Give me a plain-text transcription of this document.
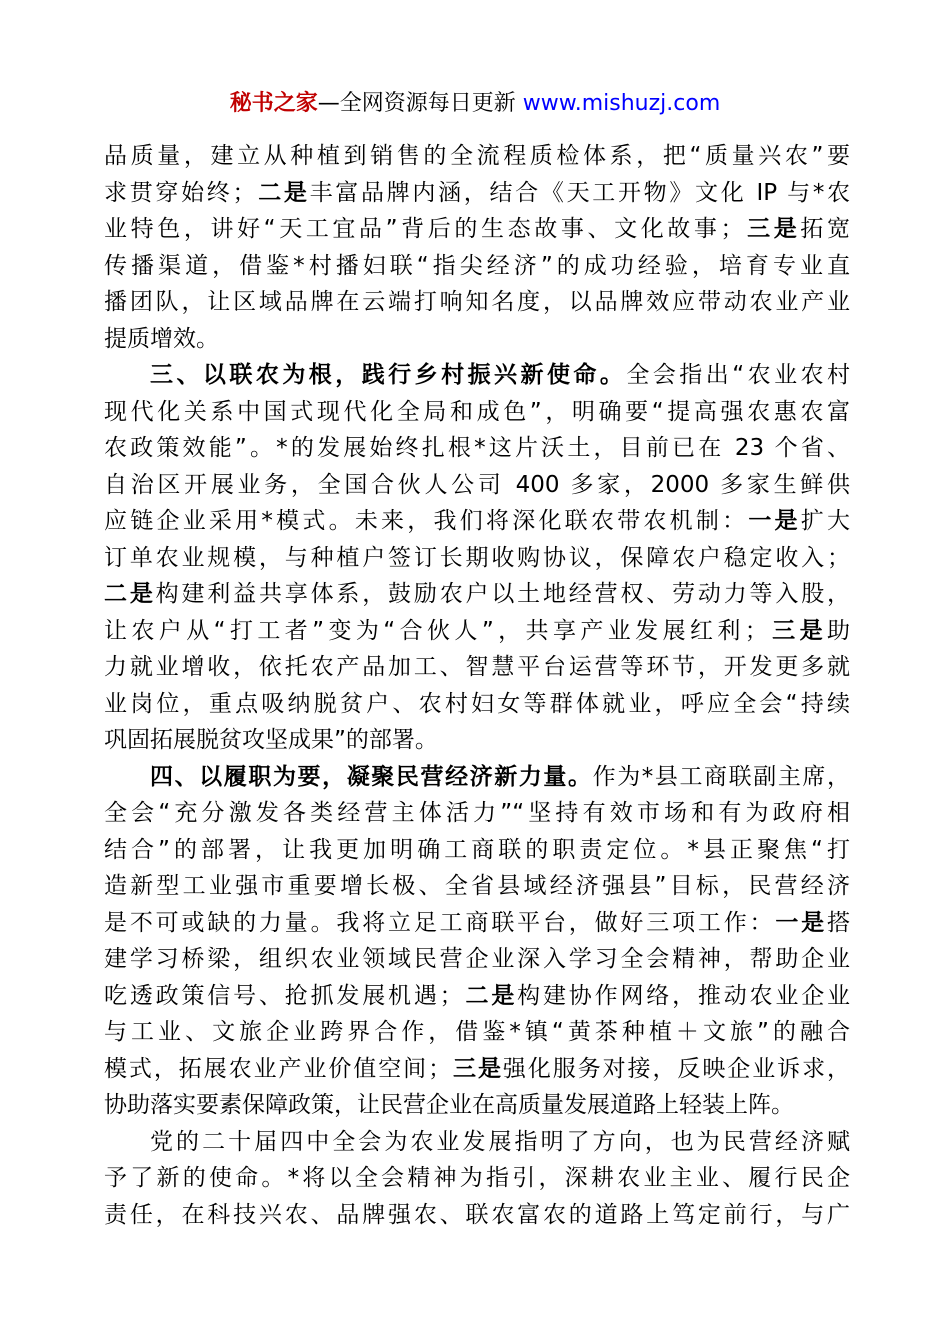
秘书之家—全网资源每日更新 www.mishuzj.com
品质量，建立从种植到销售的全流程质检体系，把“质量兴农”要
求贯穿始终；二是丰富品牌内涵，结合《天工开物》文化 IP 与*农
业特色，讲好“天工宜品”背后的生态故事、文化故事；三是拓宽
传播渠道，借鉴*村播妇联“指尖经济”的成功经验，培育专业直
播团队，让区域品牌在云端打响知名度，以品牌效应带动农业产业
提质增效。
三、以联农为根，践行乡村振兴新使命。全会指出“农业农村
现代化关系中国式现代化全局和成色”，明确要“提高强农惠农富
农政策效能”。*的发展始终扎根*这片沃土，目前已在 23 个省、
自治区开展业务，全国合伙人公司 400 多家，2000 多家生鲜供
应链企业采用*模式。未来，我们将深化联农带农机制：一是扩大
订单农业规模，与种植户签订长期收购协议，保障农户稳定收入；
二是构建利益共享体系，鼓励农户以土地经营权、劳动力等入股，
让农户从“打工者”变为“合伙人”，共享产业发展红利；三是助
力就业增收，依托农产品加工、智慧平台运营等环节，开发更多就
业岗位，重点吸纳脱贫户、农村妇女等群体就业，呼应全会“持续
巩固拓展脱贫攻坚成果”的部署。
四、以履职为要，凝聚民营经济新力量。作为*县工商联副主席，
全会“充分激发各类经营主体活力”“坚持有效市场和有为政府相
结合”的部署，让我更加明确工商联的职责定位。*县正聚焦“打
造新型工业强市重要增长极、全省县域经济强县”目标，民营经济
是不可或缺的力量。我将立足工商联平台，做好三项工作：一是搭
建学习桥梁，组织农业领域民营企业深入学习全会精神，帮助企业
吃透政策信号、抢抓发展机遇；二是构建协作网络，推动农业企业
与工业、文旅企业跨界合作，借鉴*镇“黄茶种植＋文旅”的融合
模式，拓展农业产业价值空间；三是强化服务对接，反映企业诉求，
协助落实要素保障政策，让民营企业在高质量发展道路上轻装上阵。
党的二十届四中全会为农业发展指明了方向，也为民营经济赋
予了新的使命。*将以全会精神为指引，深耕农业主业、履行民企
责任，在科技兴农、品牌强农、联农富农的道路上笃定前行，与广
